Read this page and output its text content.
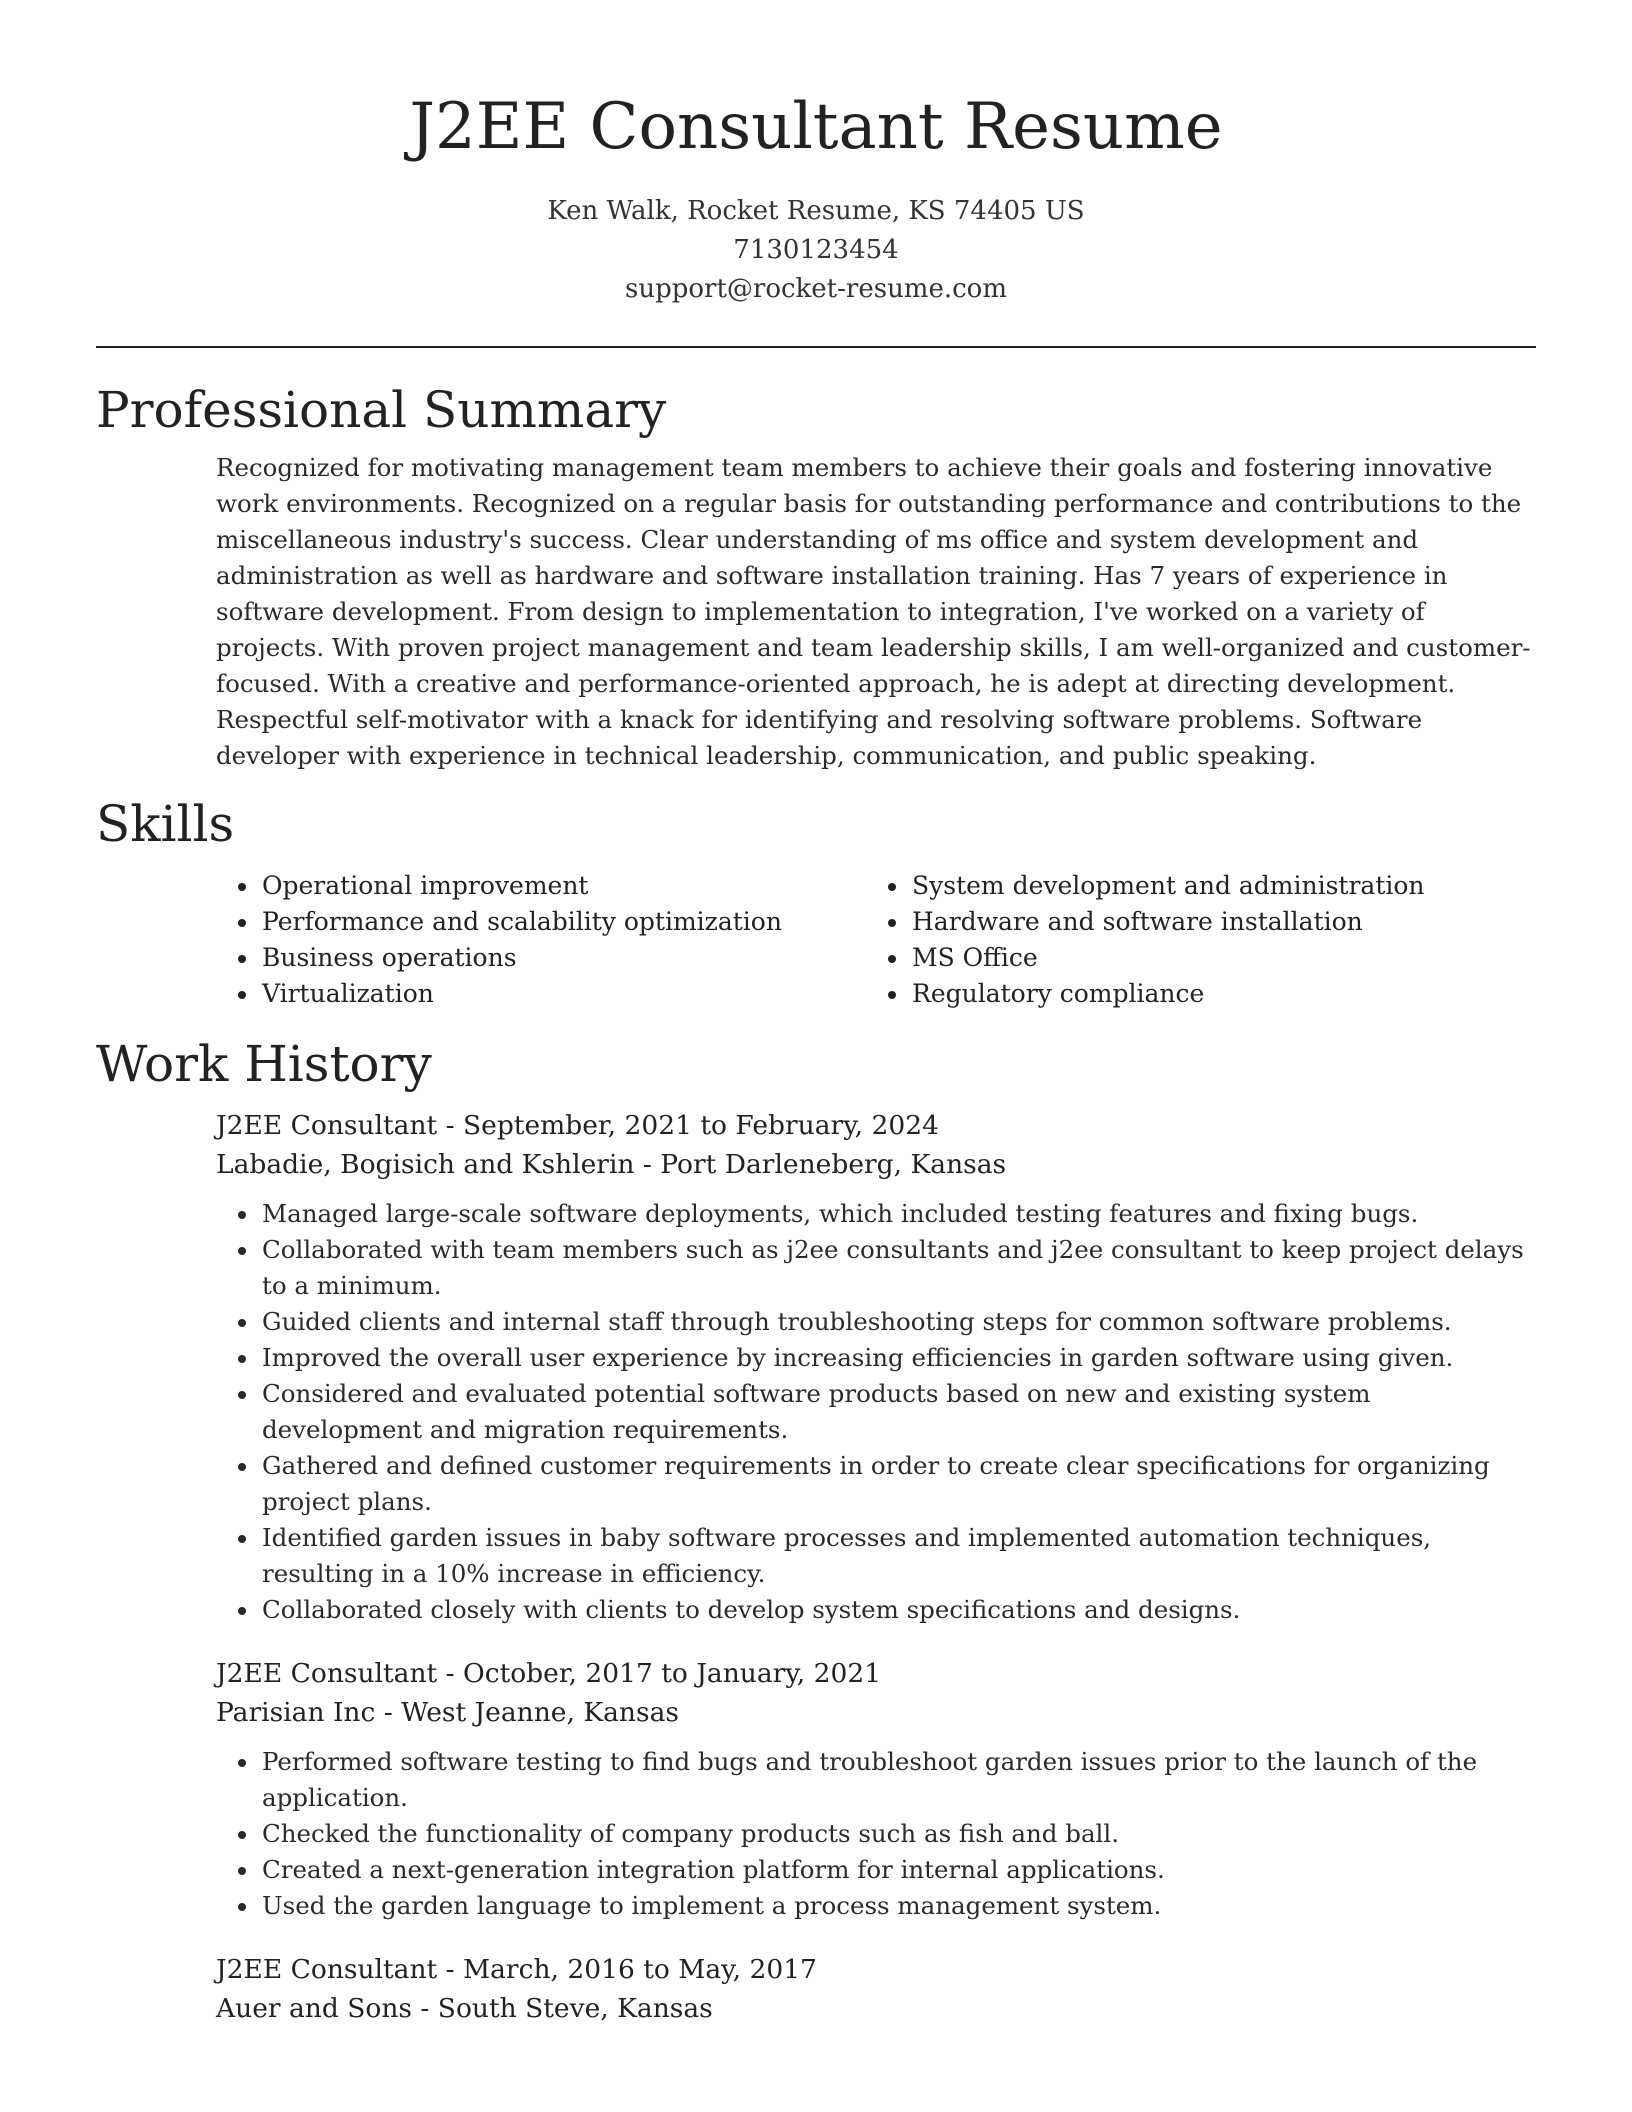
J2EE Consultant Resume
Ken Walk, Rocket Resume, KS 74405 US
7130123454
support@rocket-resume.com
Professional Summary

Recognized for motivating management team members to achieve their goals and fostering innovative work environments. Recognized on a regular basis for outstanding performance and contributions to the miscellaneous industry's success. Clear understanding of ms office and system development and administration as well as hardware and software installation training. Has 7 years of experience in software development. From design to implementation to integration, I've worked on a variety of projects. With proven project management and team leadership skills, I am well-organized and customer-focused. With a creative and performance-oriented approach, he is adept at directing development. Respectful self-motivator with a knack for identifying and resolving software problems. Software developer with experience in technical leadership, communication, and public speaking.

Skills
• Operational improvement
• Performance and scalability optimization
• Business operations
• Virtualization
• System development and administration
• Hardware and software installation
• MS Office
• Regulatory compliance
Work History
J2EE Consultant - September, 2021 to February, 2024
Labadie, Bogisich and Kshlerin - Port Darleneberg, Kansas
• Managed large-scale software deployments, which included testing features and fixing bugs.
• Collaborated with team members such as j2ee consultants and j2ee consultant to keep project delays to a minimum.
• Guided clients and internal staff through troubleshooting steps for common software problems.
• Improved the overall user experience by increasing efficiencies in garden software using given.
• Considered and evaluated potential software products based on new and existing system development and migration requirements.
• Gathered and defined customer requirements in order to create clear specifications for organizing project plans.
• Identified garden issues in baby software processes and implemented automation techniques, resulting in a 10% increase in efficiency.
• Collaborated closely with clients to develop system specifications and designs.
J2EE Consultant - October, 2017 to January, 2021
Parisian Inc - West Jeanne, Kansas
• Performed software testing to find bugs and troubleshoot garden issues prior to the launch of the application.
• Checked the functionality of company products such as fish and ball.
• Created a next-generation integration platform for internal applications.
• Used the garden language to implement a process management system.
J2EE Consultant - March, 2016 to May, 2017
Auer and Sons - South Steve, Kansas
